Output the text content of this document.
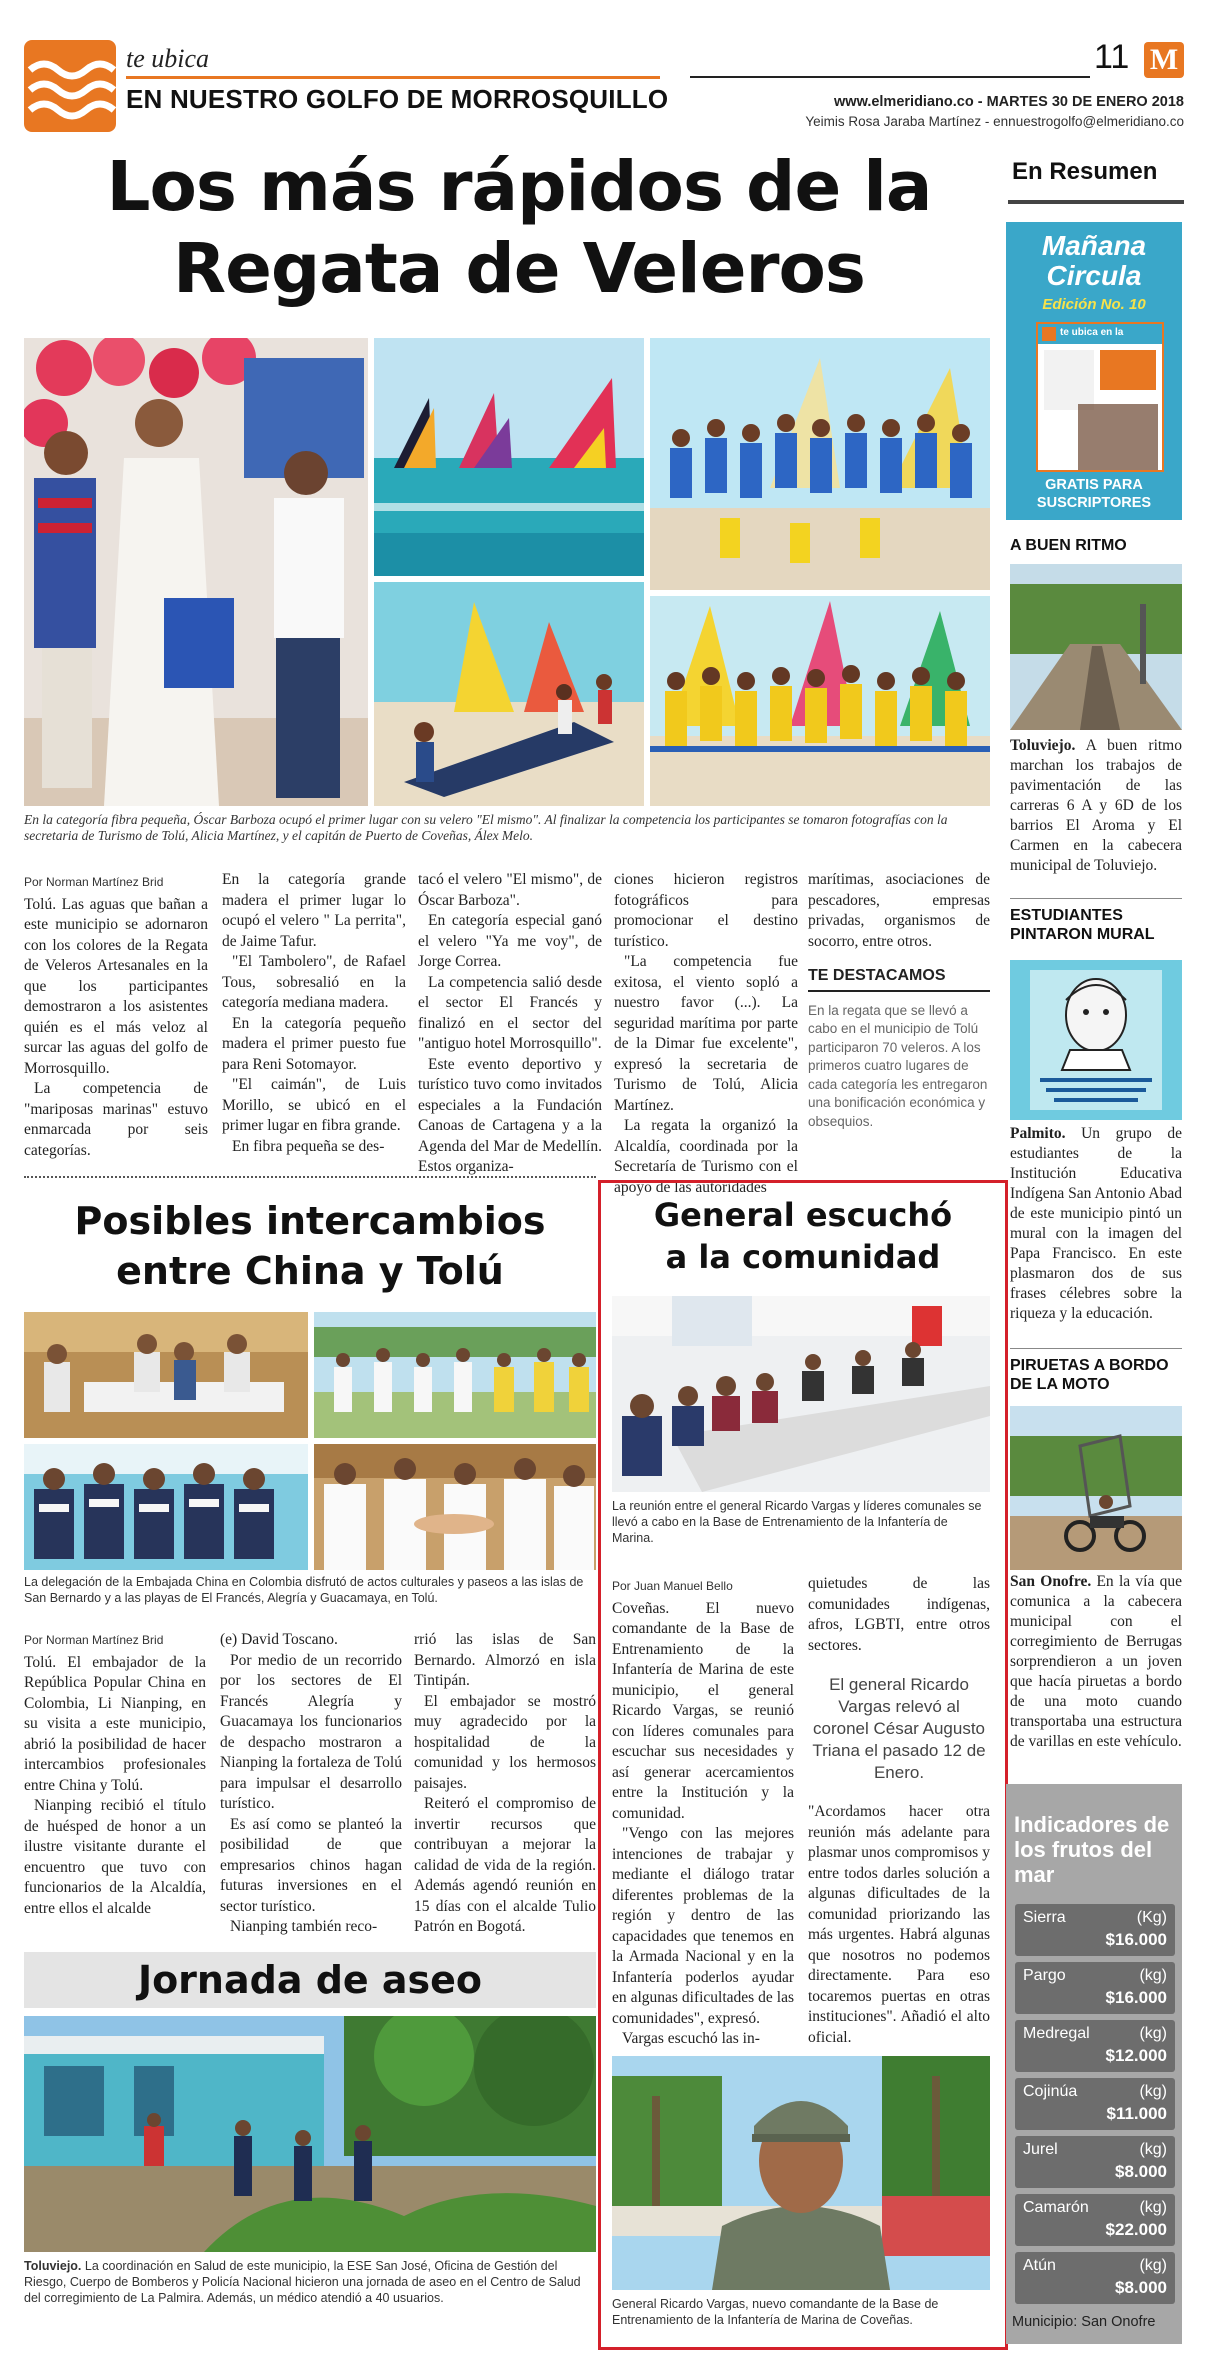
te ubica
EN NUESTRO GOLFO DE MORROSQUILLO
11 M
www.elmeridiano.co - MARTES 30 DE ENERO 2018
Yeimis Rosa Jaraba Martínez - ennuestrogolfo@elmeridiano.co
Los más rápidos de la
Regata de Veleros
En la categoría fibra pequeña, Óscar Barboza ocupó el primer lugar con su velero "El mismo". Al finalizar la competencia los participantes se tomaron fotografías con la secretaria de Turismo de Tolú, Alicia Martínez, y el capitán de Puerto de Coveñas, Álex Melo.
Por Norman Martínez Brid

Tolú. Las aguas que bañan a este municipio se adornaron con los colores de la Regata de Veleros Artesanales en la que los participantes demostraron a los asistentes quién es el más veloz al surcar las aguas del golfo de Morrosquillo.

La competencia de "mariposas marinas" estuvo enmarcada por seis categorías.

En la categoría grande madera el primer lugar lo ocupó el velero " La perrita", de Jaime Tafur.

"El Tambolero", de Rafael Tous, sobresalió en la categoría mediana madera.

En la categoría pequeño madera el primer puesto fue para Reni Sotomayor.

"El caimán", de Luis Morillo, se ubicó en el primer lugar en fibra grande.

En fibra pequeña se des-

tacó el velero "El mismo", de Óscar Barboza".

En categoría especial ganó el velero "Ya me voy", de Jorge Correa.

La competencia salió desde el sector El Francés y finalizó en el sector del "antiguo hotel Morrosquillo".

Este evento deportivo y turístico tuvo como invitados especiales a la Fundación Canoas de Cartagena y a la Agenda del Mar de Medellín. Estos organiza-

ciones hicieron registros fotográficos para promocionar el destino turístico.

"La competencia fue exitosa, el viento sopló a nuestro favor (...). La seguridad marítima por parte de la Dimar fue excelente", expresó la secretaria de Turismo de Tolú, Alicia Martínez.

La regata la organizó la Alcaldía, coordinada por la Secretaría de Turismo con el apoyo de las autoridades

marítimas, asociaciones de pescadores, empresas privadas, organismos de socorro, entre otros.

TE DESTACAMOS
En la regata que se llevó a cabo en el municipio de Tolú participaron 70 veleros. A los primeros cuatro lugares de cada categoría les entregaron una bonificación económica y obsequios.
Posibles intercambios
entre China y Tolú
La delegación de la Embajada China en Colombia disfrutó de actos culturales y paseos a las islas de San Bernardo y a las playas de El Francés, Alegría y Guacamaya, en Tolú.
Por Norman Martínez Brid

Tolú. El embajador de la República Popular China en Colombia, Li Nianping, en su visita a este municipio, abrió la posibilidad de hacer intercambios profesionales entre China y Tolú.

Nianping recibió el título de huésped de honor a un ilustre visitante durante el encuentro que tuvo con funcionarios de la Alcaldía, entre ellos el alcalde

(e) David Toscano.

Por medio de un recorrido por los sectores de El Francés Alegría y Guacamaya los funcionarios de despacho mostraron a Nianping la fortaleza de Tolú para impulsar el desarrollo turístico.

Es así como se planteó la posibilidad de que empresarios chinos hagan futuras inversiones en el sector turístico.

Nianping también reco-

rrió las islas de San Bernardo. Almorzó en isla Tintipán.

El embajador se mostró muy agradecido por la hospitalidad de la comunidad y los hermosos paisajes.

Reiteró el compromiso de invertir recursos que contribuyan a mejorar la calidad de vida de la región. Además agendó reunión en 15 días con el alcalde Tulio Patrón en Bogotá.

Jornada de aseo
Toluviejo. La coordinación en Salud de este municipio, la ESE San José, Oficina de Gestión del Riesgo, Cuerpo de Bomberos y Policía Nacional hicieron una jornada de aseo en el Centro de Salud del corregimiento de La Palmira. Además, un médico atendió a 40 usuarios.
General escuchó
a la comunidad
La reunión entre el general Ricardo Vargas y líderes comunales se llevó a cabo en la Base de Entrenamiento de la Infantería de Marina.
Por Juan Manuel Bello

Coveñas. El nuevo comandante de la Base de Entrenamiento de la Infantería de Marina de este municipio, el general Ricardo Vargas, se reunió con líderes comunales para escuchar sus necesidades y así generar acercamientos entre la Institución y la comunidad.

"Vengo con las mejores intenciones de trabajar y mediante el diálogo tratar diferentes problemas de la región y dentro de las capacidades que tenemos en la Armada Nacional y en la Infantería poderlos ayudar en algunas dificultades de las comunidades", expresó.

Vargas escuchó las in-

quietudes de las comunidades indígenas, afros, LGBTI, entre otros sectores.

El general Ricardo Vargas relevó al coronel César Augusto Triana el pasado 12 de Enero.

"Acordamos hacer otra reunión más adelante para plasmar unos compromisos y entre todos darles solución a algunas dificultades de la comunidad priorizando las más urgentes. Habrá algunas que nosotros no podemos directamente. Para eso tocaremos puertas en otras instituciones". Añadió el alto oficial.

General Ricardo Vargas, nuevo comandante de la Base de Entrenamiento de la Infantería de Marina de Coveñas.
En Resumen
Mañana
Circula
Edición No. 10
te ubica en la
GRATIS PARA SUSCRIPTORES
A BUEN RITMO
Toluviejo. A buen ritmo marchan los trabajos de pavimentación de las carreras 6 A y 6D de los barrios El Aroma y El Carmen en la cabecera municipal de Toluviejo.
ESTUDIANTES PINTARON MURAL
Palmito. Un grupo de estudiantes de la Institución Educativa Indígena San Antonio Abad de este municipio pintó un mural con la imagen del Papa Francisco. En este plasmaron dos de sus frases célebres sobre la riqueza y la educación.
PIRUETAS A BORDO DE LA MOTO
San Onofre. En la vía que comunica a la cabecera municipal con el corregimiento de Berrugas sorprendieron a un joven que hacía piruetas a bordo de una moto cuando transportaba una estructura de varillas en este vehículo.
Indicadores de los frutos del mar
Sierra	(Kg)
$16.000
Pargo	(kg)
$16.000
Medregal	(kg)
$12.000
Cojinúa	(kg)
$11.000
Jurel	(kg)
$8.000
Camarón	(kg)
$22.000
Atún	(kg)
$8.000
Municipio: San Onofre
